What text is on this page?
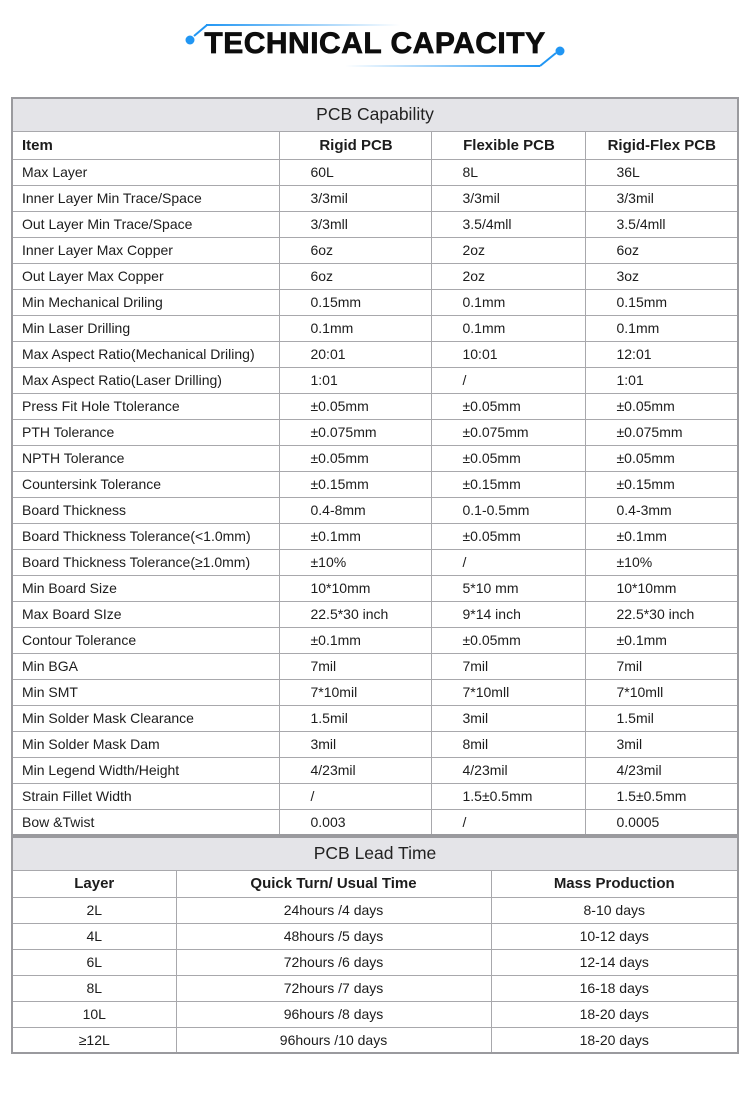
TECHNICAL CAPACITY
PCB Capability			
Item	Rigid PCB	Flexible PCB	Rigid-Flex PCB

Max Layer	60L	8L	36L
Inner Layer Min Trace/Space	3/3mil	3/3mil	3/3mil
Out Layer Min Trace/Space	3/3mll	3.5/4mll	3.5/4mll
Inner Layer Max Copper	6oz	2oz	6oz
Out Layer Max Copper	6oz	2oz	3oz
Min Mechanical Driling	0.15mm	0.1mm	0.15mm
Min Laser Drilling	0.1mm	0.1mm	0.1mm
Max Aspect Ratio(Mechanical Driling)	20:01	10:01	12:01
Max Aspect Ratio(Laser Drilling)	1:01	/	1:01
Press Fit Hole Ttolerance	±0.05mm	±0.05mm	±0.05mm
PTH Tolerance	±0.075mm	±0.075mm	±0.075mm
NPTH Tolerance	±0.05mm	±0.05mm	±0.05mm
Countersink Tolerance	±0.15mm	±0.15mm	±0.15mm
Board Thickness	0.4-8mm	0.1-0.5mm	0.4-3mm
Board Thickness Tolerance(<1.0mm)	±0.1mm	±0.05mm	±0.1mm
Board Thickness Tolerance(≥1.0mm)	±10%	/	±10%
Min Board Size	10*10mm	5*10 mm	10*10mm
Max Board SIze	22.5*30 inch	9*14 inch	22.5*30 inch
Contour Tolerance	±0.1mm	±0.05mm	±0.1mm
Min BGA	7mil	7mil	7mil
Min SMT	7*10mil	7*10mll	7*10mll
Min Solder Mask Clearance	1.5mil	3mil	1.5mil
Min Solder Mask Dam	3mil	8mil	3mil
Min Legend Width/Height	4/23mil	4/23mil	4/23mil
Strain Fillet Width	/	1.5±0.5mm	1.5±0.5mm
Bow &Twist	0.003	/	0.0005
PCB Lead Time		
Layer	Quick Turn/ Usual Time	Mass Production

2L	24hours /4 days	8-10 days
4L	48hours /5 days	10-12 days
6L	72hours /6 days	12-14 days
8L	72hours /7 days	16-18 days
10L	96hours /8 days	18-20 days
≥12L	96hours /10 days	18-20 days
